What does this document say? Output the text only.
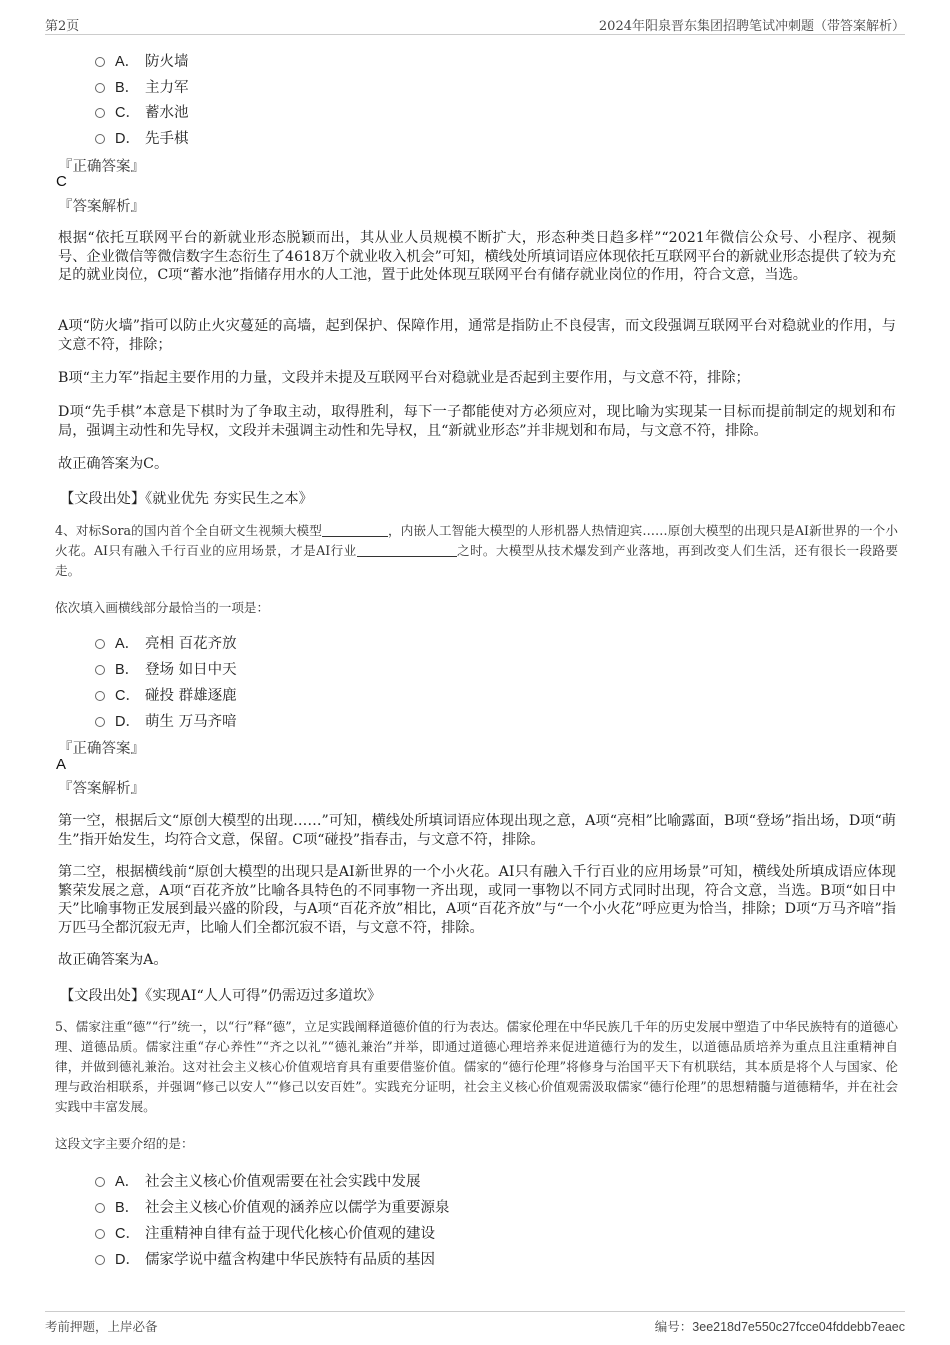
第2页	2024年阳泉晋东集团招聘笔试冲刺题（带答案解析）
A． 防火墙
B． 主力军
C． 蓄水池
D． 先手棋
『正确答案』
C
『答案解析』
根据“依托互联网平台的新就业形态脱颖而出，其从业人员规模不断扩大，形态种类日趋多样”“2021年微信公众号、小程序、视频号、企业微信等微信数字生态衍生了4618万个就业收入机会”可知，横线处所填词语应体现依托互联网平台的新就业形态提供了较为充足的就业岗位，C项“蓄水池”指储存用水的人工池，置于此处体现互联网平台有储存就业岗位的作用，符合文意，当选。
A项“防火墙”指可以防止火灾蔓延的高墙，起到保护、保障作用，通常是指防止不良侵害，而文段强调互联网平台对稳就业的作用，与文意不符，排除；
B项“主力军”指起主要作用的力量，文段并未提及互联网平台对稳就业是否起到主要作用，与文意不符，排除；
D项“先手棋”本意是下棋时为了争取主动，取得胜利，每下一子都能使对方必须应对，现比喻为实现某一目标而提前制定的规划和布局，强调主动性和先导权，文段并未强调主动性和先导权，且“新就业形态”并非规划和布局，与文意不符，排除。
故正确答案为C。
【文段出处】《就业优先 夯实民生之本》
4、对标Sora的国内首个全自研文生视频大模型	，内嵌人工智能大模型的人形机器人热情迎宾……原创大模型的出现只是AI新世界的一个小火花。AI只有融入千行百业的应用场景，才是AI行业	之时。大模型从技术爆发到产业落地，再到改变人们生活，还有很长一段路要走。
依次填入画横线部分最恰当的一项是：
A． 亮相 百花齐放
B． 登场 如日中天
C． 碰投 群雄逐鹿
D． 萌生 万马齐喑
『正确答案』
A
『答案解析』
第一空，根据后文“原创大模型的出现……”可知，横线处所填词语应体现出现之意，A项“亮相”比喻露面，B项“登场”指出场，D项“萌生”指开始发生，均符合文意，保留。C项“碰投”指春击，与文意不符，排除。
第二空，根据横线前“原创大模型的出现只是AI新世界的一个小火花。AI只有融入千行百业的应用场景”可知，横线处所填成语应体现繁荣发展之意，A项“百花齐放”比喻各具特色的不同事物一齐出现，或同一事物以不同方式同时出现，符合文意，当选。B项“如日中天”比喻事物正发展到最兴盛的阶段，与A项“百花齐放”相比，A项“百花齐放”与“一个小火花”呼应更为恰当，排除；D项“万马齐喑”指万匹马全都沉寂无声，比喻人们全都沉寂不语，与文意不符，排除。
故正确答案为A。
【文段出处】《实现AI“人人可得”仍需迈过多道坎》
5、儒家注重“德”“行”统一，以“行”释“德”，立足实践阐释道德价值的行为表达。儒家伦理在中华民族几千年的历史发展中塑造了中华民族特有的道德心理、道德品质。儒家注重“存心养性”“齐之以礼”“德礼兼治”并举，即通过道德心理培养来促进道德行为的发生，以道德品质培养为重点且注重精神自律，并做到德礼兼治。这对社会主义核心价值观培育具有重要借鉴价值。儒家的“德行伦理”将修身与治国平天下有机联结，其本质是将个人与国家、伦理与政治相联系，并强调“修己以安人”“修己以安百姓”。实践充分证明，社会主义核心价值观需汲取儒家“德行伦理”的思想精髓与道德精华，并在社会实践中丰富发展。
这段文字主要介绍的是：
A． 社会主义核心价值观需要在社会实践中发展
B． 社会主义核心价值观的涵养应以儒学为重要源泉
C． 注重精神自律有益于现代化核心价值观的建设
D． 儒家学说中蕴含构建中华民族特有品质的基因
考前押题，上岸必备	编号：3ee218d7e550c27fcce04fddebb7eaec
